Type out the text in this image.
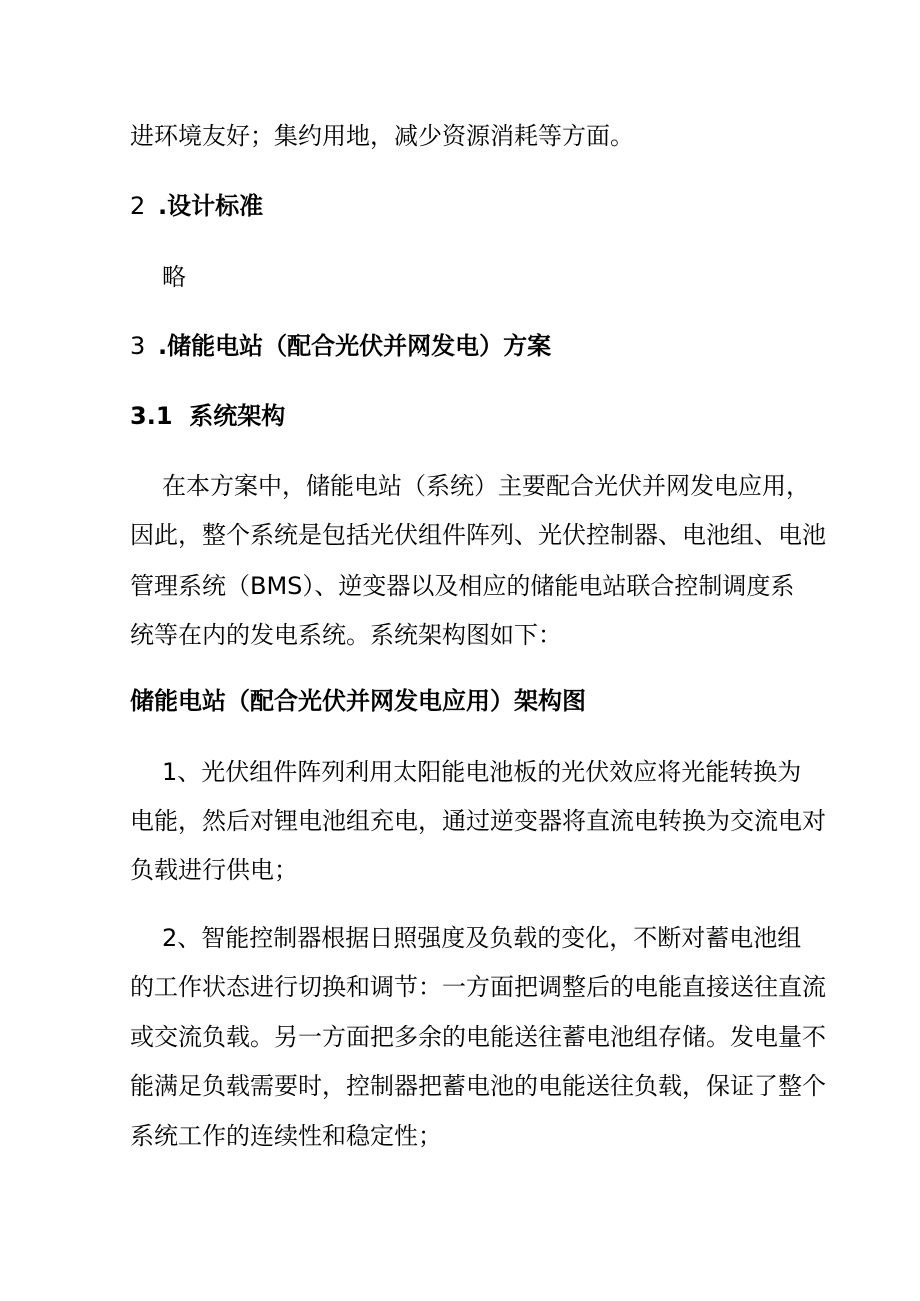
进环境友好；集约用地，减少资源消耗等方面。
2 .设计标准
略
3 .储能电站（配合光伏并网发电）方案
3.1  系统架构
在本方案中，储能电站（系统）主要配合光伏并网发电应用，
因此，整个系统是包括光伏组件阵列、光伏控制器、电池组、电池
管理系统（BMS）、逆变器以及相应的储能电站联合控制调度系
统等在内的发电系统。系统架构图如下：
储能电站（配合光伏并网发电应用）架构图
1、光伏组件阵列利用太阳能电池板的光伏效应将光能转换为
电能，然后对锂电池组充电，通过逆变器将直流电转换为交流电对
负载进行供电；
2、智能控制器根据日照强度及负载的变化，不断对蓄电池组
的工作状态进行切换和调节：一方面把调整后的电能直接送往直流
或交流负载。另一方面把多余的电能送往蓄电池组存储。发电量不
能满足负载需要时，控制器把蓄电池的电能送往负载，保证了整个
系统工作的连续性和稳定性；
